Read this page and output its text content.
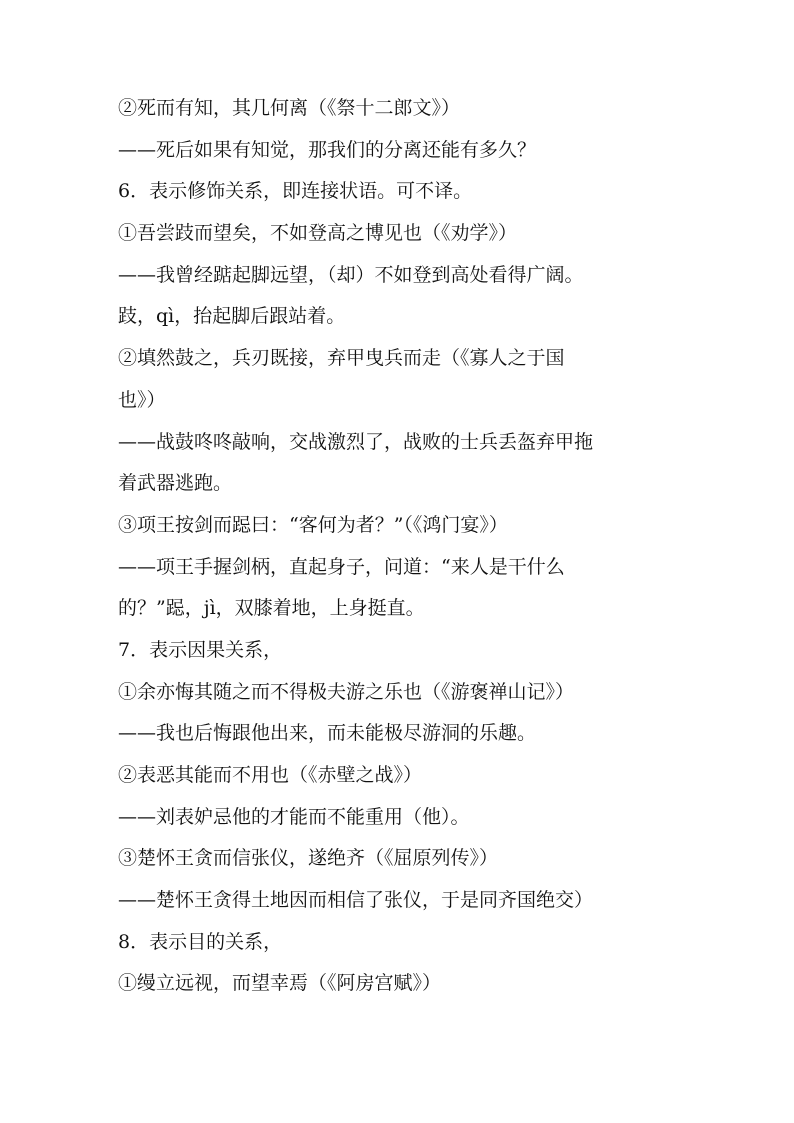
②死而有知，其几何离（《祭十二郎文》）

——死后如果有知觉，那我们的分离还能有多久？

6．表示修饰关系，即连接状语。可不译。

①吾尝跂而望矣，不如登高之博见也（《劝学》）

——我曾经踮起脚远望，（却）不如登到高处看得广阔。

跂，qì，抬起脚后跟站着。

②填然鼓之，兵刃既接，弃甲曳兵而走（《寡人之于国

也》）

——战鼓咚咚敲响，交战激烈了，战败的士兵丢盔弃甲拖

着武器逃跑。

③项王按剑而跽曰：“客何为者？”（《鸿门宴》）

——项王手握剑柄，直起身子，问道：“来人是干什么

的？”跽，jì，双膝着地，上身挺直。

7．表示因果关系，

①余亦悔其随之而不得极夫游之乐也（《游褒禅山记》）

——我也后悔跟他出来，而未能极尽游洞的乐趣。

②表恶其能而不用也（《赤壁之战》）

——刘表妒忌他的才能而不能重用（他）。

③楚怀王贪而信张仪，遂绝齐（《屈原列传》）

——楚怀王贪得土地因而相信了张仪，于是同齐国绝交）

8．表示目的关系，

①缦立远视，而望幸焉（《阿房宫赋》）
